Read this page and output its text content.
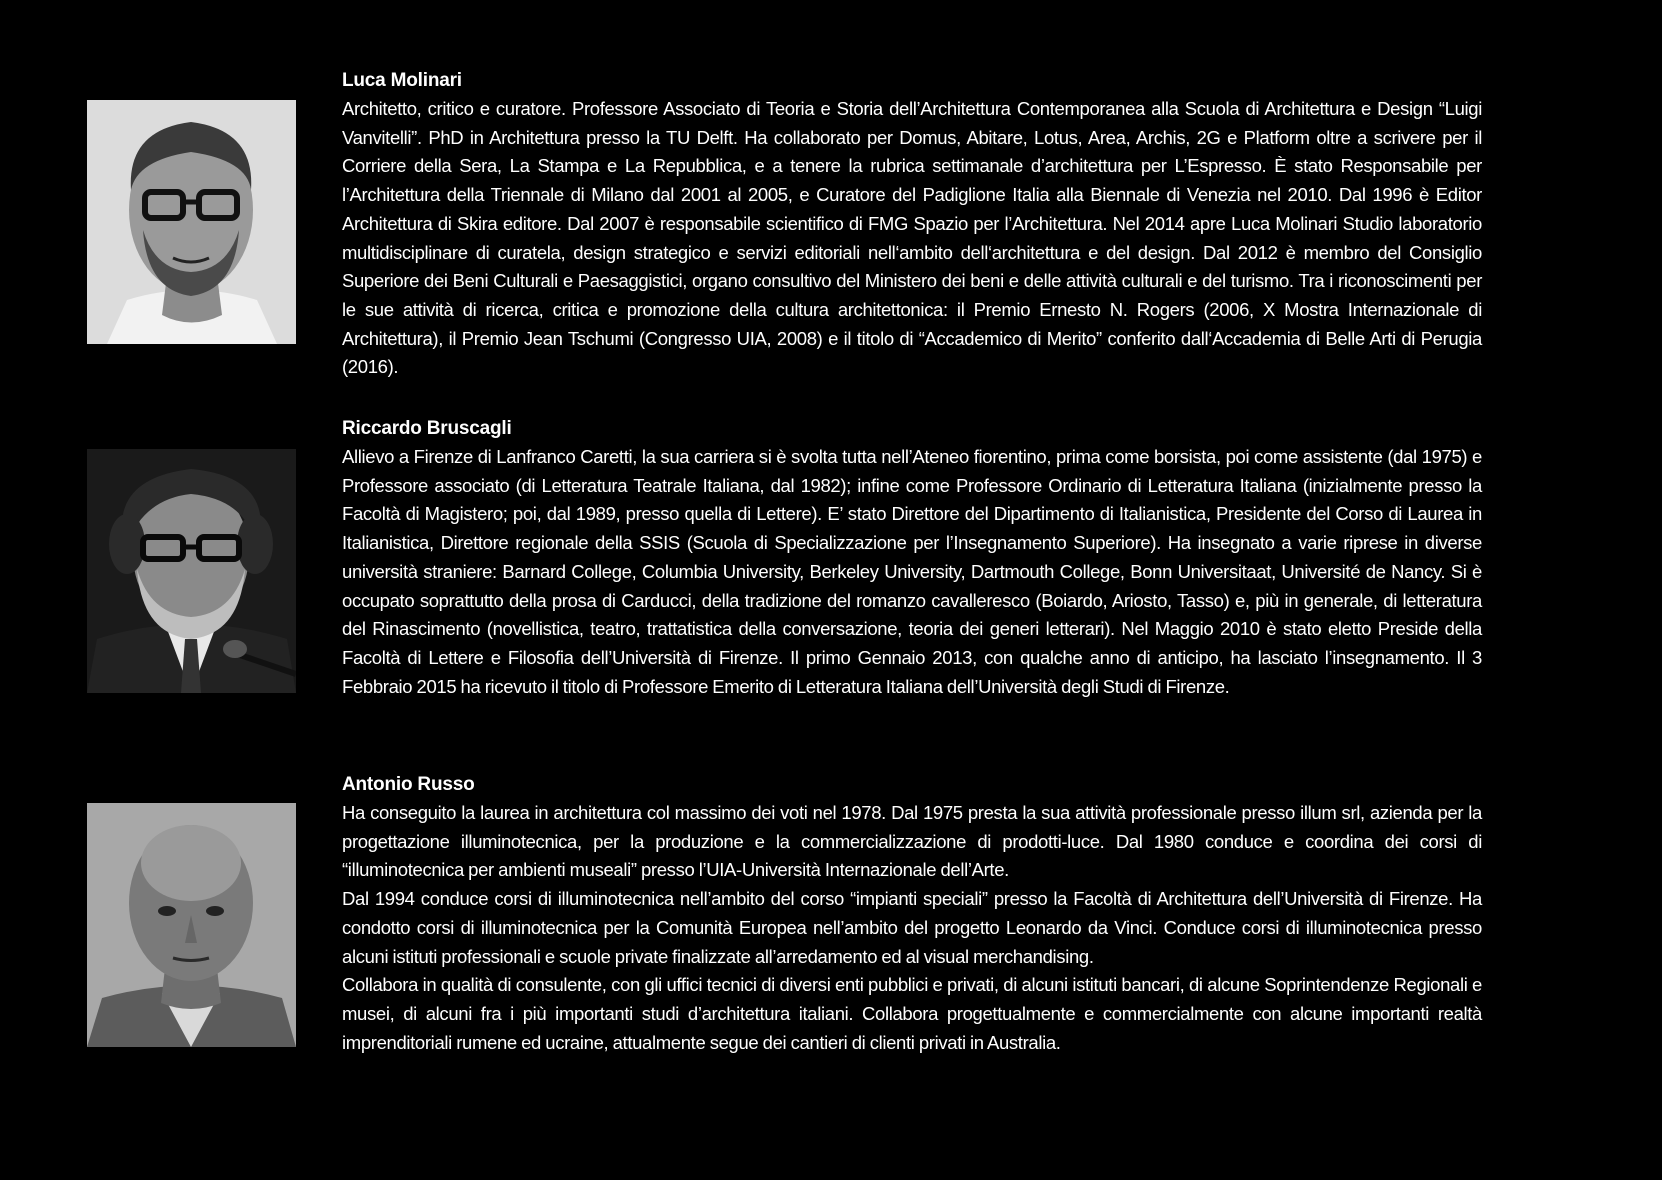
Luca Molinari

Architetto, critico e curatore. Professore Associato di Teoria e Storia dell’Architettura Contemporanea alla Scuola di Architettura e Design “Luigi Vanvitelli”. PhD in Architettura presso la TU Delft. Ha collaborato per Domus, Abitare, Lotus, Area, Archis, 2G e Platform oltre a scrivere per il Corriere della Sera, La Stampa e La Repubblica, e a tenere la rubrica settimanale d’architettura per L’Espresso. È stato Responsabile per l’Architettura della Triennale di Milano dal 2001 al 2005, e Curatore del Padiglione Italia alla Biennale di Venezia nel 2010. Dal 1996 è Editor Architettura di Skira editore. Dal 2007 è responsabile scientifico di FMG Spazio per l’Architettura. Nel 2014 apre Luca Molinari Studio laboratorio multidisciplinare di curatela, design strategico e servizi editoriali nell‘ambito dell‘architettura e del design. Dal 2012 è membro del Consiglio Superiore dei Beni Culturali e Paesaggistici, organo consultivo del Ministero dei beni e delle attività culturali e del turismo. Tra i riconoscimenti per le sue attività di ricerca, critica e promozione della cultura architettonica: il Premio Ernesto N. Rogers (2006, X Mostra Internazionale di Architettura), il Premio Jean Tschumi (Congresso UIA, 2008) e il titolo di “Accademico di Merito” conferito dall‘Accademia di Belle Arti di Perugia (2016).

Riccardo Bruscagli

Allievo a Firenze di Lanfranco Caretti, la sua carriera si è svolta tutta nell’Ateneo fiorentino, prima come borsista, poi come assistente (dal 1975) e Professore associato (di Letteratura Teatrale Italiana, dal 1982); infine come Professore Ordinario di Letteratura Italiana (inizialmente presso la Facoltà di Magistero; poi, dal 1989, presso quella di Lettere). E’ stato Direttore del Dipartimento di Italianistica, Presidente del Corso di Laurea in Italianistica, Direttore regionale della SSIS (Scuola di Specializzazione per l’Insegnamento Superiore). Ha insegnato a varie riprese in diverse università straniere: Barnard College, Columbia University, Berkeley University, Dartmouth College, Bonn Universitaat, Université de Nancy. Si è occupato soprattutto della prosa di Carducci, della tradizione del romanzo cavalleresco (Boiardo, Ariosto, Tasso) e, più in generale, di letteratura del Rinascimento (novellistica, teatro, trattatistica della conversazione, teoria dei generi letterari). Nel Maggio 2010 è stato eletto Preside della Facoltà di Lettere e Filosofia dell’Università di Firenze. Il primo Gennaio 2013, con qualche anno di anticipo, ha lasciato l’insegnamento. Il 3 Febbraio 2015 ha ricevuto il titolo di Professore Emerito di Letteratura Italiana dell’Università degli Studi di Firenze.

Antonio Russo

Ha conseguito la laurea in architettura col massimo dei voti nel 1978. Dal 1975 presta la sua attività professionale presso illum srl, azienda per la progettazione illuminotecnica, per la produzione e la commercializzazione di prodotti-luce. Dal 1980 conduce e coordina dei corsi di “illuminotecnica per ambienti museali” presso l’UIA-Università Internazionale dell’Arte.

Dal 1994 conduce corsi di illuminotecnica nell’ambito del corso “impianti speciali” presso la Facoltà di Architettura dell’Università di Firenze. Ha condotto corsi di illuminotecnica per la Comunità Europea nell’ambito del progetto Leonardo da Vinci. Conduce corsi di illuminotecnica presso alcuni istituti professionali e scuole private finalizzate all’arredamento ed al visual merchandising.

Collabora in qualità di consulente, con gli uffici tecnici di diversi enti pubblici e privati, di alcuni istituti bancari, di alcune Soprintendenze Regionali e musei, di alcuni fra i più importanti studi d’architettura italiani. Collabora progettualmente e commercialmente con alcune importanti realtà imprenditoriali rumene ed ucraine, attualmente segue dei cantieri di clienti privati in Australia.
